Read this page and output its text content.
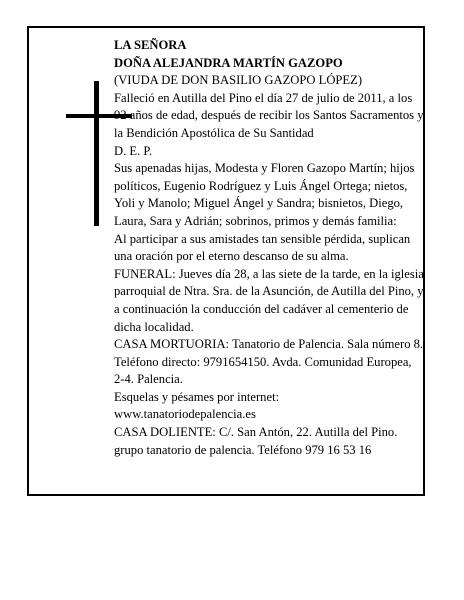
LA SEÑORA

DOÑA ALEJANDRA MARTÍN GAZOPO

(VIUDA DE DON BASILIO GAZOPO LÓPEZ)

Falleció en Autilla del Pino el día 27 de julio de 2011, a los 92 años de edad, después de recibir los Santos Sacramentos y la Bendición Apostólica de Su Santidad

D. E. P.

Sus apenadas hijas, Modesta y Floren Gazopo Martín; hijos políticos, Eugenio Rodríguez y Luis Ángel Ortega; nietos, Yoli y Manolo; Miguel Ángel y Sandra; bisnietos, Diego, Laura, Sara y Adrián; sobrinos, primos y demás familia:

Al participar a sus amistades tan sensible pérdida, suplican una oración por el eterno descanso de su alma.

FUNERAL: Jueves día 28, a las siete de la tarde, en la iglesia parroquial de Ntra. Sra. de la Asunción, de Autilla del Pino, y a continuación la conducción del cadáver al cementerio de dicha localidad.

CASA MORTUORIA: Tanatorio de Palencia. Sala número 8. Teléfono directo: 9791654150. Avda. Comunidad Europea, 2-4. Palencia.

Esquelas y pésames por internet:

www.tanatoriodepalencia.es

CASA DOLIENTE: C/. San Antón, 22. Autilla del Pino.

grupo tanatorio de palencia. Teléfono 979 16 53 16
